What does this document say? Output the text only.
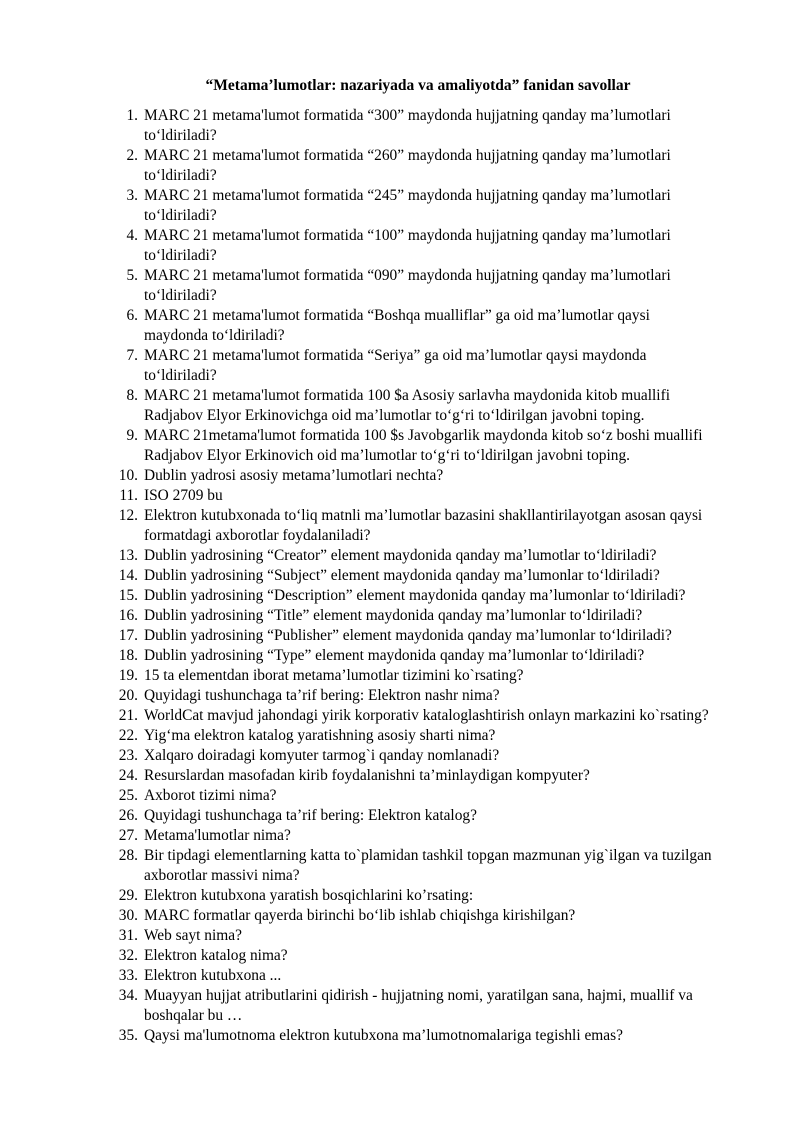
“Metama’lumotlar: nazariyada va amaliyotda” fanidan savollar
1. MARC 21 metama'lumot formatida “300” maydonda hujjatning qanday ma’lumotlari
to‘ldiriladi?
2. MARC 21 metama'lumot formatida “260” maydonda hujjatning qanday ma’lumotlari
to‘ldiriladi?
3. MARC 21 metama'lumot formatida “245” maydonda hujjatning qanday ma’lumotlari
to‘ldiriladi?
4. MARC 21 metama'lumot formatida “100” maydonda hujjatning qanday ma’lumotlari
to‘ldiriladi?
5. MARC 21 metama'lumot formatida “090” maydonda hujjatning qanday ma’lumotlari
to‘ldiriladi?
6. MARC 21 metama'lumot formatida “Boshqa mualliflar” ga oid ma’lumotlar qaysi
maydonda to‘ldiriladi?
7. MARC 21 metama'lumot formatida “Seriya” ga oid ma’lumotlar qaysi maydonda
to‘ldiriladi?
8. MARC 21 metama'lumot formatida 100 $a Asosiy sarlavha maydonida kitob muallifi
Radjabov Elyor Erkinovichga oid ma’lumotlar to‘g‘ri to‘ldirilgan javobni toping.
9. MARC 21metama'lumot formatida 100 $s Javobgarlik maydonda kitob so‘z boshi muallifi
Radjabov Elyor Erkinovich oid ma’lumotlar to‘g‘ri to‘ldirilgan javobni toping.
10. Dublin yadrosi asosiy metama’lumotlari nechta?
11. ISO 2709 bu
12. Elektron kutubxonada to‘liq matnli ma’lumotlar bazasini shakllantirilayotgan asosan qaysi
formatdagi axborotlar foydalaniladi?
13. Dublin yadrosining “Creator” element maydonida qanday ma’lumotlar to‘ldiriladi?
14. Dublin yadrosining “Subject” element maydonida qanday ma’lumonlar to‘ldiriladi?
15. Dublin yadrosining “Description” element maydonida qanday ma’lumonlar to‘ldiriladi?
16. Dublin yadrosining “Title” element maydonida qanday ma’lumonlar to‘ldiriladi?
17. Dublin yadrosining “Publisher” element maydonida qanday ma’lumonlar to‘ldiriladi?
18. Dublin yadrosining “Type” element maydonida qanday ma’lumonlar to‘ldiriladi?
19. 15 ta elementdan iborat metama’lumotlar tizimini ko`rsating?
20. Quyidagi tushunchaga ta’rif bering: Elektron nashr nima?
21. WorldCat mavjud jahondagi yirik korporativ kataloglashtirish onlayn markazini ko`rsating?
22. Yig‘ma elektron katalog yaratishning asosiy sharti nima?
23. Xalqaro doiradagi komyuter tarmog`i qanday nomlanadi?
24. Resurslardan masofadan kirib foydalanishni ta’minlaydigan kompyuter?
25. Axborot tizimi nima?
26. Quyidagi tushunchaga ta’rif bering: Elektron katalog?
27. Metama'lumotlar nima?
28. Bir tipdagi elementlarning katta to`plamidan tashkil topgan mazmunan yig`ilgan va tuzilgan
axborotlar massivi nima?
29. Elektron kutubxona yaratish bosqichlarini ko’rsating:
30. MARC formatlar qayerda birinchi bo‘lib ishlab chiqishga kirishilgan?
31. Web sayt nima?
32. Elektron katalog nima?
33. Elektron kutubxona ...
34. Muayyan hujjat atributlarini qidirish - hujjatning nomi, yaratilgan sana, hajmi, muallif va
boshqalar bu …
35. Qaysi ma'lumotnoma elektron kutubxona ma’lumotnomalariga tegishli emas?
